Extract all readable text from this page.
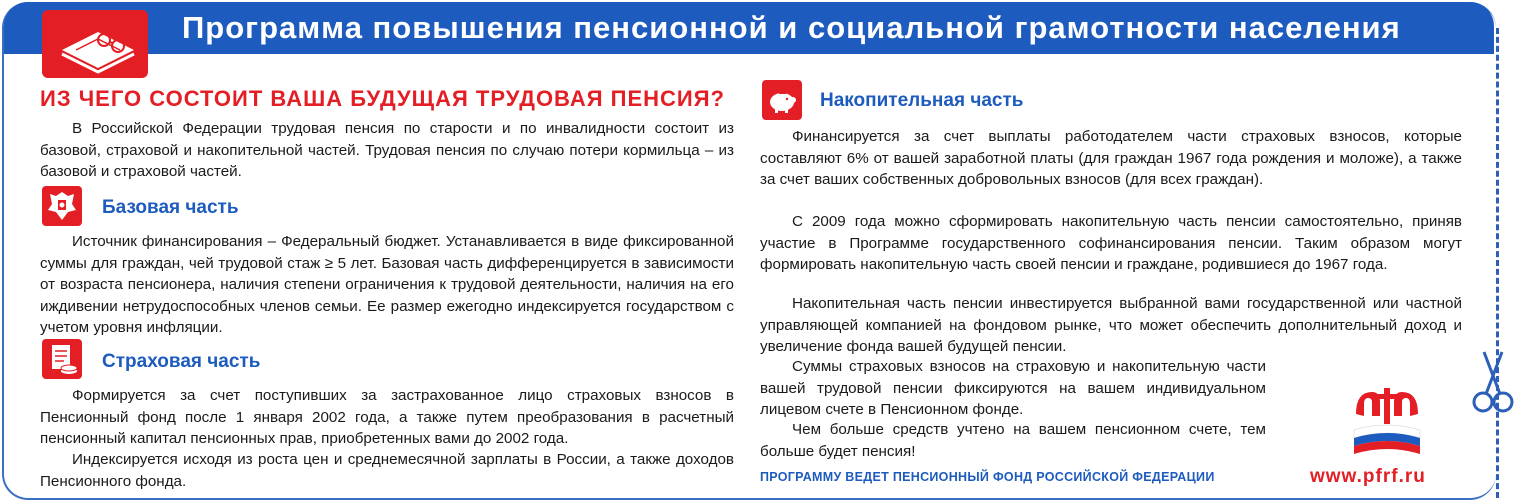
Программа повышения пенсионной и социальной грамотности населения
ИЗ ЧЕГО СОСТОИТ ВАША БУДУЩАЯ ТРУДОВАЯ ПЕНСИЯ?

В Российской Федерации трудовая пенсия по старости и по инвалидности состоит из базовой, страховой и накопительной частей. Трудовая пенсия по случаю потери кормильца – из базовой и страховой частей.

Базовая часть

Источник финансирования – Федеральный бюджет. Устанавливается в виде фиксированной суммы для граждан, чей трудовой стаж ≥ 5 лет. Базовая часть дифференцируется в зависимости от возраста пенсионера, наличия степени ограничения к трудовой деятельности, наличия на его иждивении нетрудоспособных членов семьи. Ее размер ежегодно индексируется государством с учетом уровня инфляции.

Страховая часть

Формируется за счет поступивших за застрахованное лицо страховых взносов в Пенсионный фонд после 1 января 2002 года, а также путем преобразования в расчетный пенсионный капитал пенсионных прав, приобретенных вами до 2002 года.

Индексируется исходя из роста цен и среднемесячной зарплаты в России, а также доходов Пенсионного фонда.

Накопительная часть

Финансируется за счет выплаты работодателем части страховых взносов, которые составляют 6% от вашей заработной платы (для граждан 1967 года рождения и моложе), а также за счет ваших собственных добровольных взносов (для всех граждан).

С 2009 года можно сформировать накопительную часть пенсии самостоятельно, приняв участие в Программе государственного софинансирования пенсии. Таким образом могут формировать накопительную часть своей пенсии и граждане, родившиеся до 1967 года.

Накопительная часть пенсии инвестируется выбранной вами государственной или частной управляющей компанией на фондовом рынке, что может обеспечить дополнительный доход и увеличение фонда вашей будущей пенсии.

Суммы страховых взносов на страховую и накопительную части вашей трудовой пенсии фиксируются на вашем индивидуальном лицевом счете в Пенсионном фонде.

Чем больше средств учтено на вашем пенсионном счете, тем больше будет пенсия!

ПРОГРАММУ ВЕДЕТ ПЕНСИОННЫЙ ФОНД РОССИЙСКОЙ ФЕДЕРАЦИИ	www.pfrf.ru
